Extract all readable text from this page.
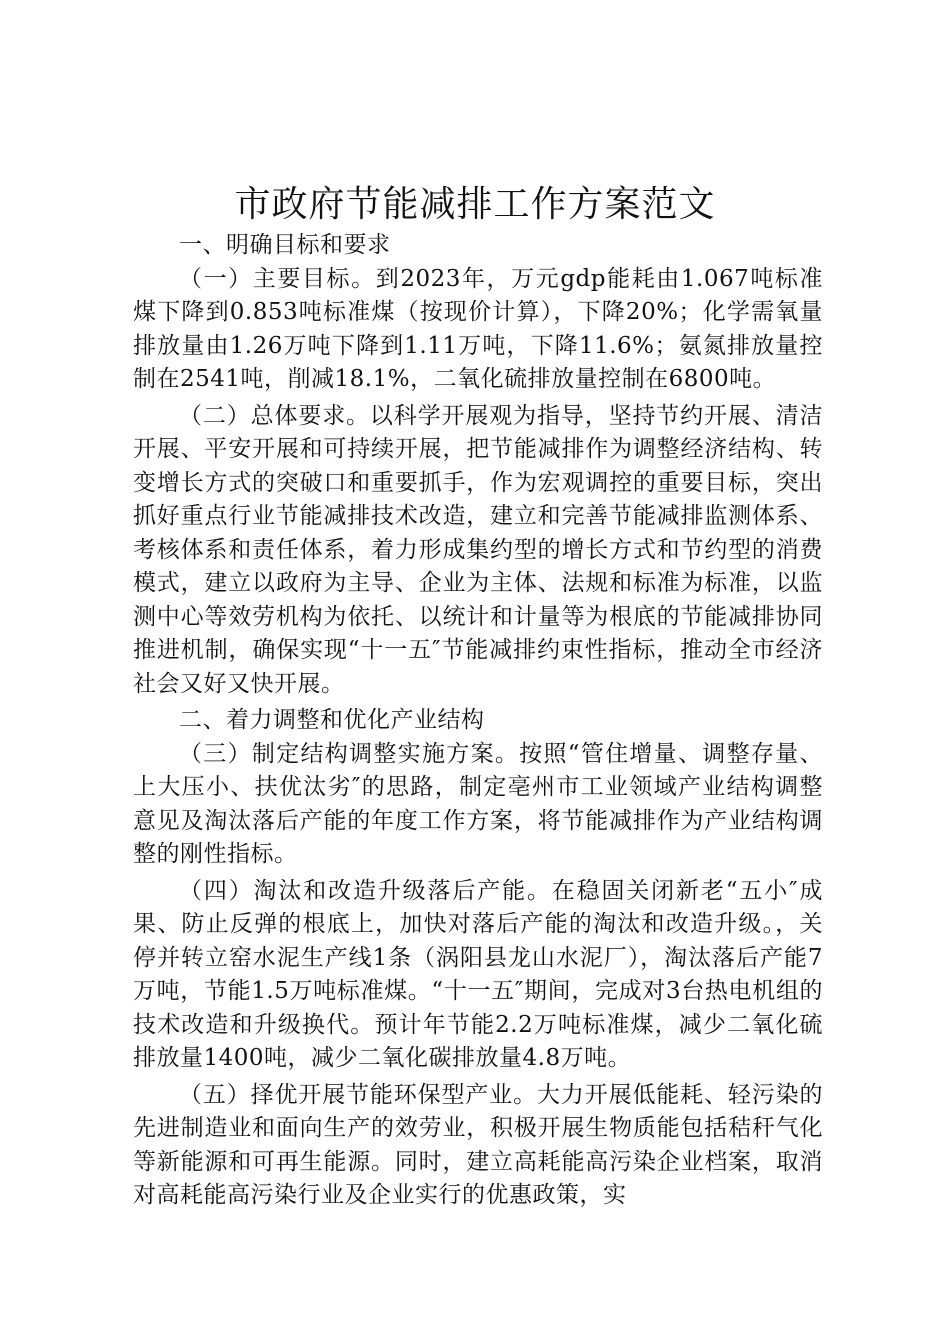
市政府节能减排工作方案范文

一、明确目标和要求

（一）主要目标。到2023年，万元gdp能耗由1.067吨标准煤下降到0.853吨标准煤（按现价计算），下降20%；化学需氧量排放量由1.26万吨下降到1.11万吨，下降11.6%；氨氮排放量控制在2541吨，削减18.1%，二氧化硫排放量控制在6800吨。

（二）总体要求。以科学开展观为指导，坚持节约开展、清洁开展、平安开展和可持续开展，把节能减排作为调整经济结构、转变增长方式的突破口和重要抓手，作为宏观调控的重要目标，突出抓好重点行业节能减排技术改造，建立和完善节能减排监测体系、考核体系和责任体系，着力形成集约型的增长方式和节约型的消费模式，建立以政府为主导、企业为主体、法规和标准为标准，以监测中心等效劳机构为依托、以统计和计量等为根底的节能减排协同推进机制，确保实现“十一五″节能减排约束性指标，推动全市经济社会又好又快开展。

二、着力调整和优化产业结构

（三）制定结构调整实施方案。按照“管住增量、调整存量、上大压小、扶优汰劣″的思路，制定亳州市工业领域产业结构调整意见及淘汰落后产能的年度工作方案，将节能减排作为产业结构调整的刚性指标。

（四）淘汰和改造升级落后产能。在稳固关闭新老“五小″成果、防止反弹的根底上，加快对落后产能的淘汰和改造升级。，关停并转立窑水泥生产线1条（涡阳县龙山水泥厂），淘汰落后产能7万吨，节能1.5万吨标准煤。“十一五″期间，完成对3台热电机组的技术改造和升级换代。预计年节能2.2万吨标准煤，减少二氧化硫排放量1400吨，减少二氧化碳排放量4.8万吨。

（五）择优开展节能环保型产业。大力开展低能耗、轻污染的先进制造业和面向生产的效劳业，积极开展生物质能包括秸秆气化等新能源和可再生能源。同时，建立高耗能高污染企业档案，取消对高耗能高污染行业及企业实行的优惠政策，实
